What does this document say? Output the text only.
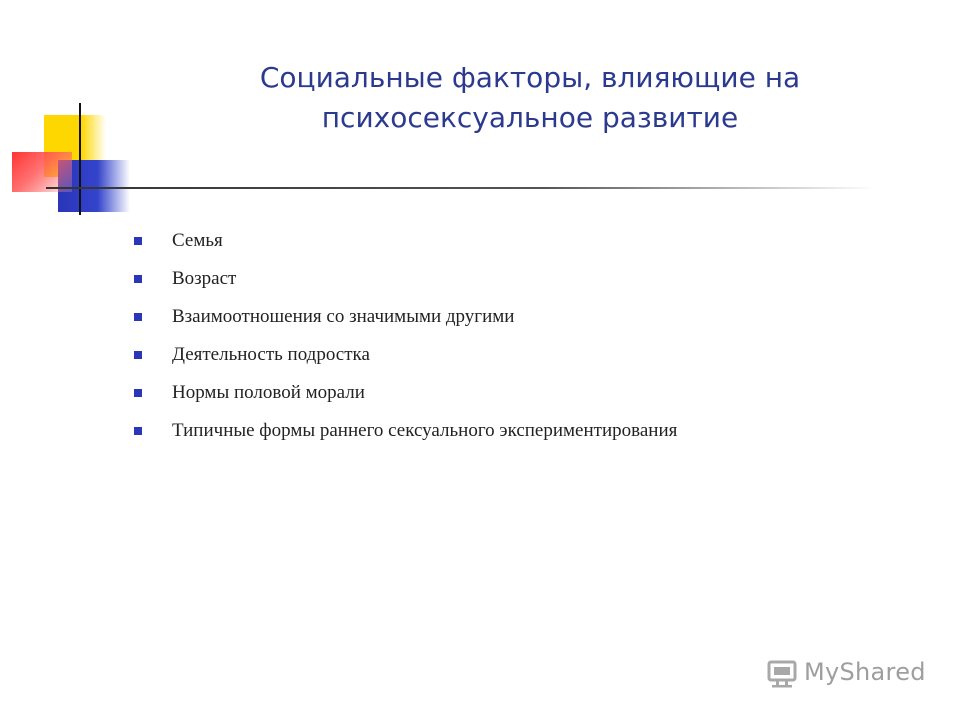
Социальные факторы, влияющие на психосексуальное развитие
Семья
Возраст
Взаимоотношения со значимыми другими
Деятельность подростка
Нормы половой морали
Типичные формы раннего сексуального экспериментирования
MyShared
